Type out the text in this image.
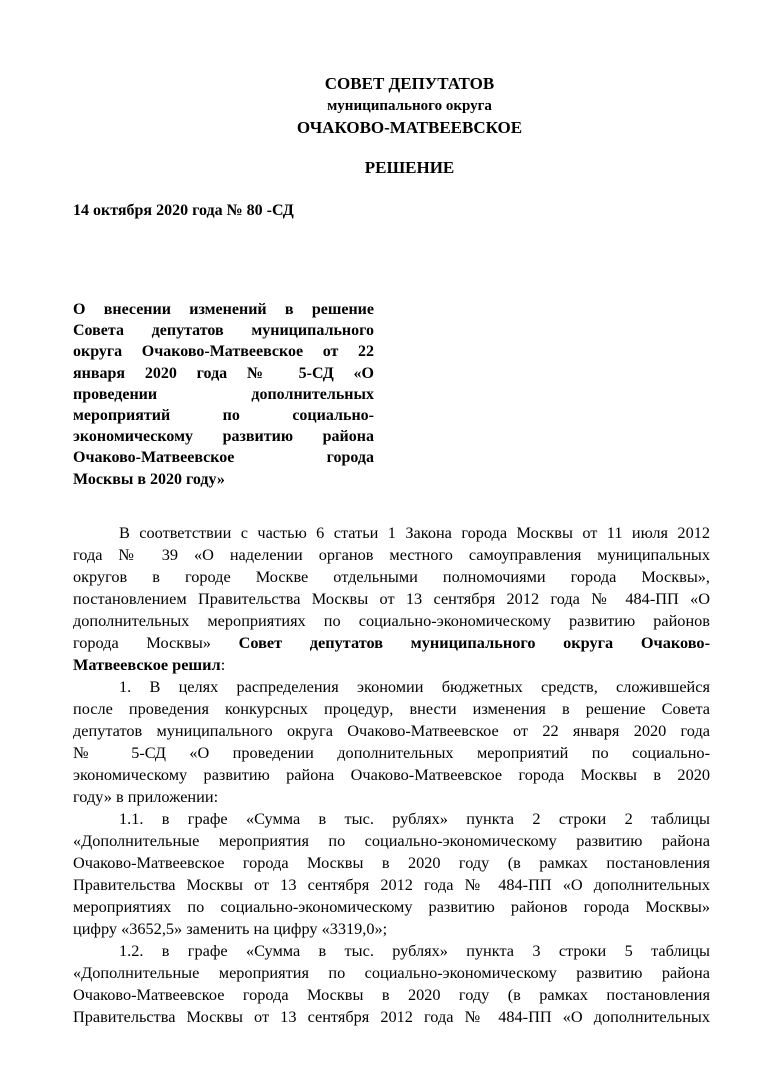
СОВЕТ ДЕПУТАТОВ
муниципального округа
ОЧАКОВО-МАТВЕЕВСКОЕ
РЕШЕНИЕ
14 октября 2020 года № 80 -СД
О внесении изменений в решение
Совета депутатов муниципального
округа Очаково-Матвеевское от 22
января 2020 года № 5-СД «О
проведении дополнительных
мероприятий по социально-
экономическому развитию района
Очаково-Матвеевское города
Москвы в 2020 году»
В соответствии с частью 6 статьи 1 Закона города Москвы от 11 июля 2012
года № 39 «О наделении органов местного самоуправления муниципальных
округов в городе Москве отдельными полномочиями города Москвы»,
постановлением Правительства Москвы от 13 сентября 2012 года № 484-ПП «О
дополнительных мероприятиях по социально-экономическому развитию районов
города Москвы» Совет депутатов муниципального округа Очаково-
Матвеевское решил:
1. В целях распределения экономии бюджетных средств, сложившейся
после проведения конкурсных процедур, внести изменения в решение Совета
депутатов муниципального округа Очаково-Матвеевское от 22 января 2020 года
№ 5-СД «О проведении дополнительных мероприятий по социально-
экономическому развитию района Очаково-Матвеевское города Москвы в 2020
году» в приложении:
1.1. в графе «Сумма в тыс. рублях» пункта 2 строки 2 таблицы
«Дополнительные мероприятия по социально-экономическому развитию района
Очаково-Матвеевское города Москвы в 2020 году (в рамках постановления
Правительства Москвы от 13 сентября 2012 года № 484-ПП «О дополнительных
мероприятиях по социально-экономическому развитию районов города Москвы»
цифру «3652,5» заменить на цифру «3319,0»;
1.2. в графе «Сумма в тыс. рублях» пункта 3 строки 5 таблицы
«Дополнительные мероприятия по социально-экономическому развитию района
Очаково-Матвеевское города Москвы в 2020 году (в рамках постановления
Правительства Москвы от 13 сентября 2012 года № 484-ПП «О дополнительных
